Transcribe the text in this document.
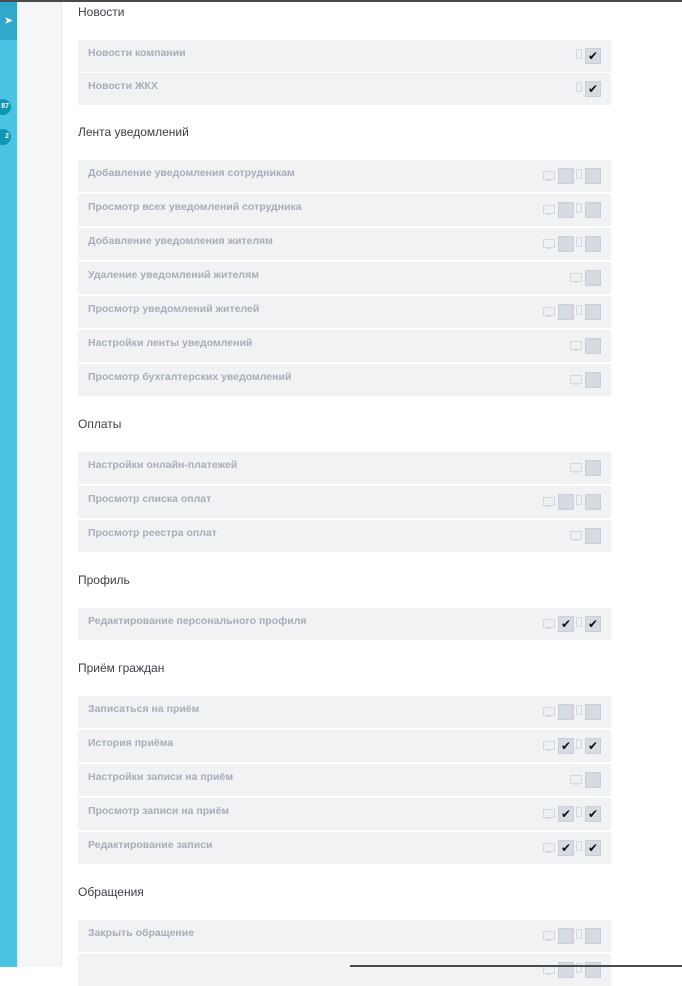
➤
87
2
Новости
Новости компании
✔
Новости ЖКХ
✔
Лента уведомлений
Добавление уведомления сотрудникам
Просмотр всех уведомлений сотрудника
Добавление уведомления жителям
Удаление уведомлений жителям
Просмотр уведомлений жителей
Настройки ленты уведомлений
Просмотр бухгалтерских уведомлений
Оплаты
Настройки онлайн-платежей
Просмотр списка оплат
Просмотр реестра оплат
Профиль
Редактирование персонального профиля
✔
✔
Приём граждан
Записаться на приём
История приёма
✔
✔
Настройки записи на приём
Просмотр записи на приём
✔
✔
Редактирование записи
✔
✔
Обращения
Закрыть обращение
